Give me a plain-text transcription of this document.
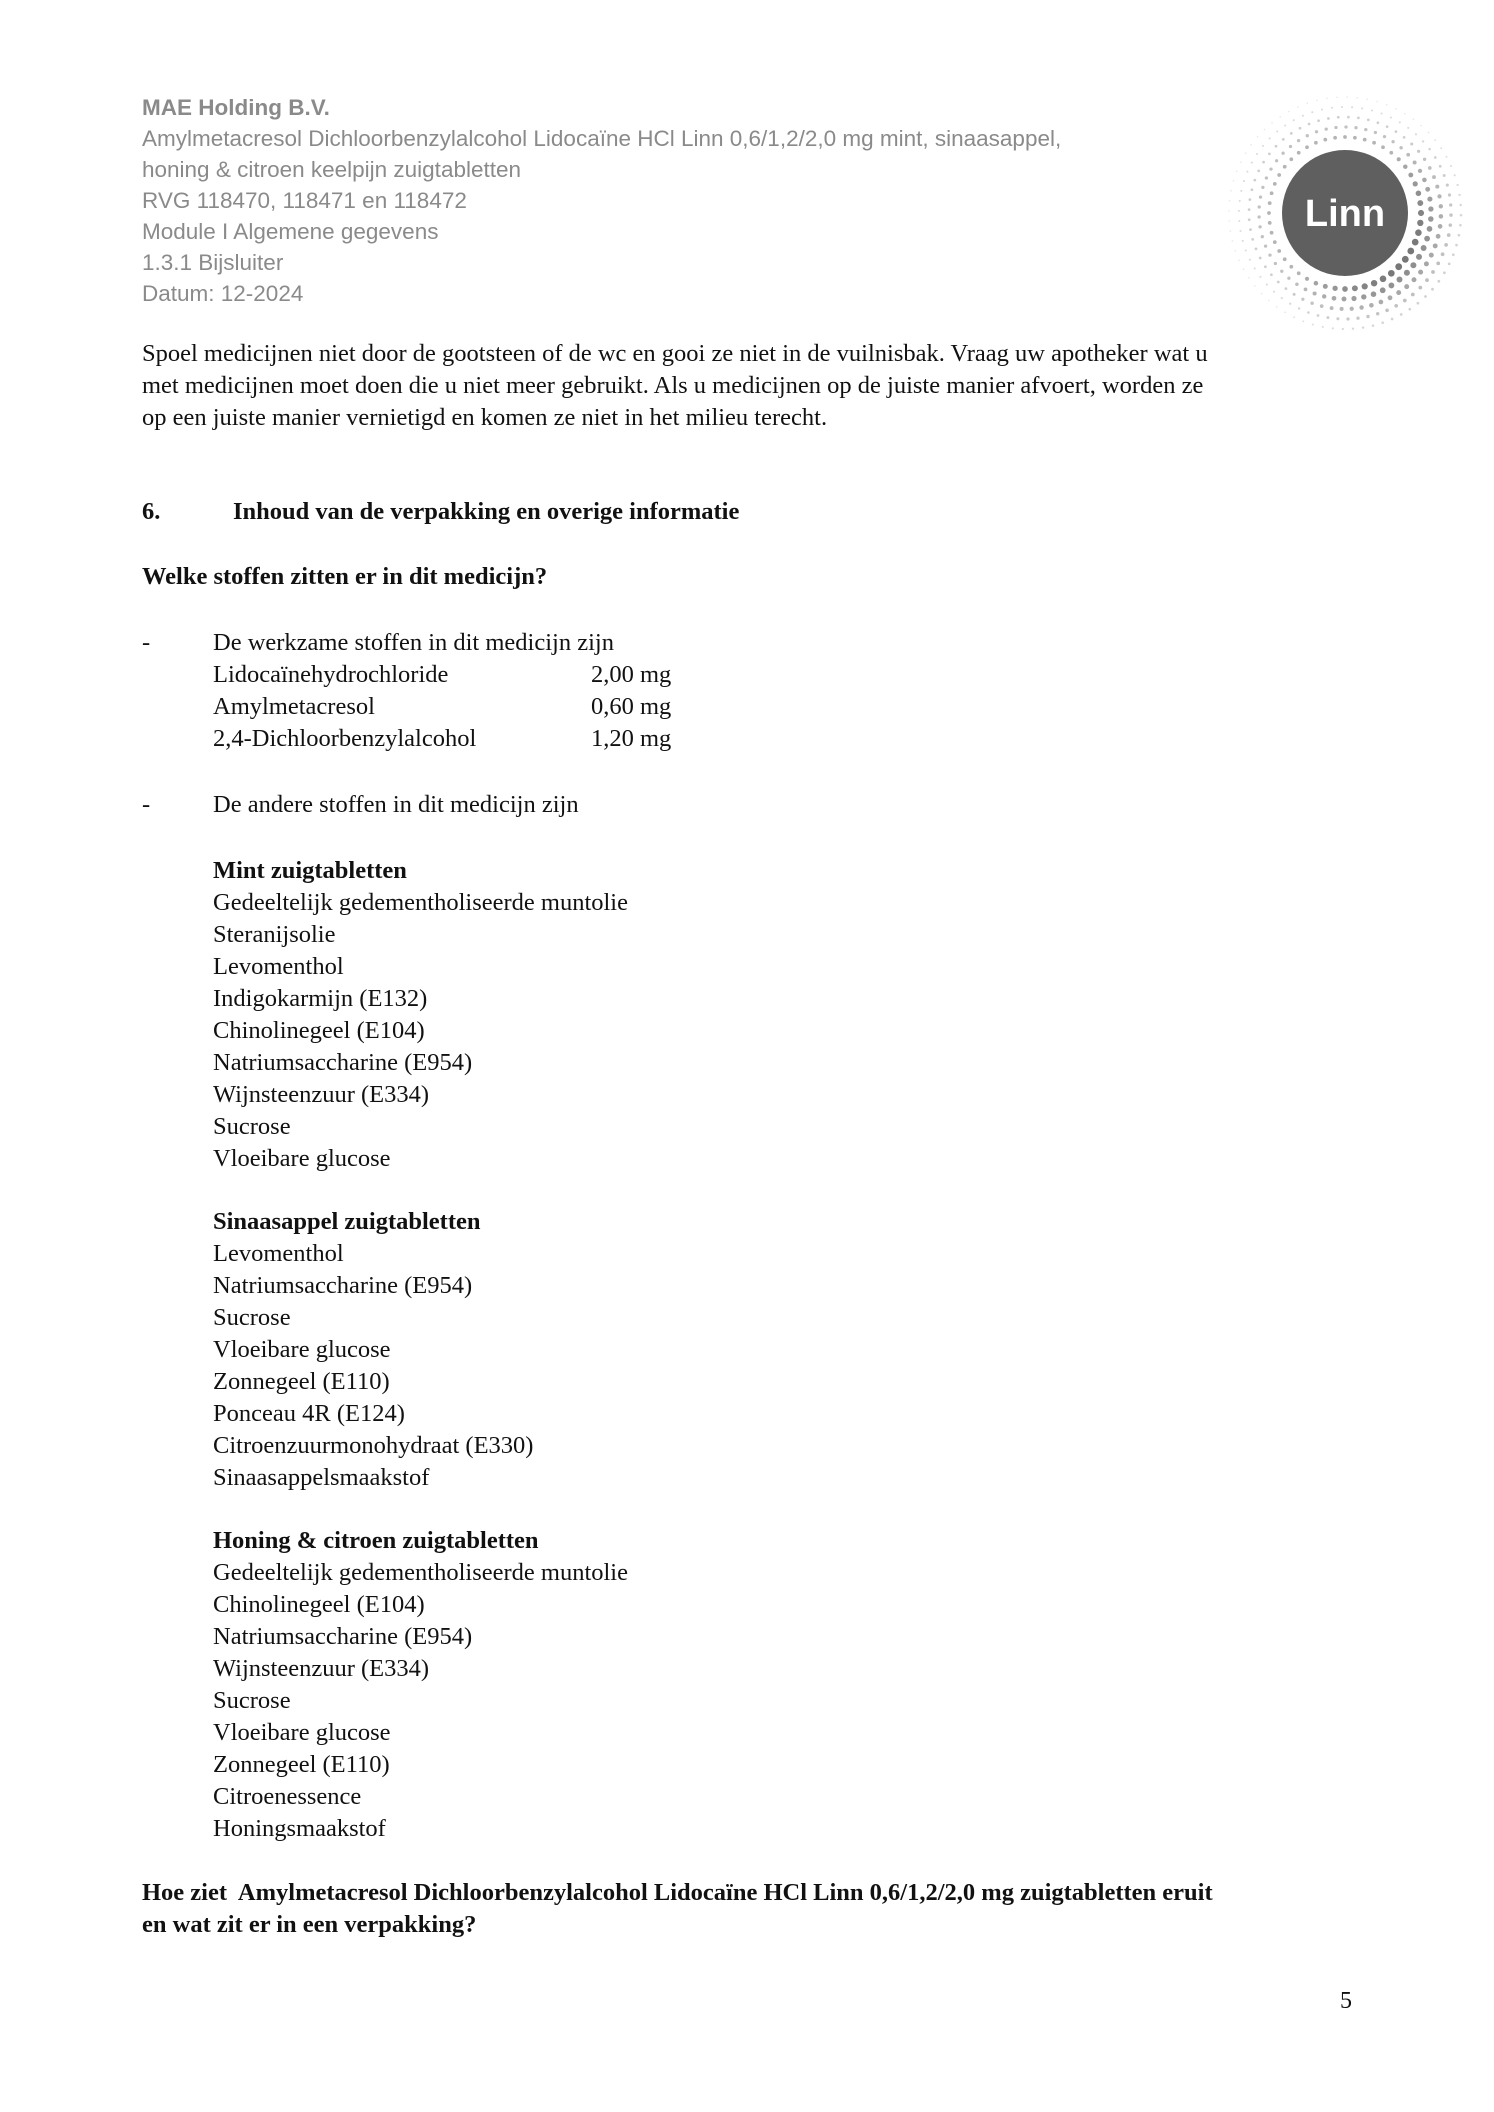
MAE Holding B.V.
Amylmetacresol Dichloorbenzylalcohol Lidocaïne HCl Linn 0,6/1,2/2,0 mg mint, sinaasappel,
honing & citroen keelpijn zuigtabletten
RVG 118470, 118471 en 118472
Module I Algemene gegevens
1.3.1 Bijsluiter
Datum: 12-2024
Linn
Spoel medicijnen niet door de gootsteen of de wc en gooi ze niet in de vuilnisbak. Vraag uw apotheker wat u
met medicijnen moet doen die u niet meer gebruikt. Als u medicijnen op de juiste manier afvoert, worden ze
op een juiste manier vernietigd en komen ze niet in het milieu terecht.
6.	Inhoud van de verpakking en overige informatie
Welke stoffen zitten er in dit medicijn?
-	De werkzame stoffen in dit medicijn zijn
Lidocaïnehydrochloride	2,00 mg
Amylmetacresol	0,60 mg
2,4-Dichloorbenzylalcohol	1,20 mg
-	De andere stoffen in dit medicijn zijn
Mint zuigtabletten
Gedeeltelijk gedementholiseerde muntolie
Steranijsolie
Levomenthol
Indigokarmijn (E132)
Chinolinegeel (E104)
Natriumsaccharine (E954)
Wijnsteenzuur (E334)
Sucrose
Vloeibare glucose
Sinaasappel zuigtabletten
Levomenthol
Natriumsaccharine (E954)
Sucrose
Vloeibare glucose
Zonnegeel (E110)
Ponceau 4R (E124)
Citroenzuurmonohydraat (E330)
Sinaasappelsmaakstof
Honing & citroen zuigtabletten
Gedeeltelijk gedementholiseerde muntolie
Chinolinegeel (E104)
Natriumsaccharine (E954)
Wijnsteenzuur (E334)
Sucrose
Vloeibare glucose
Zonnegeel (E110)
Citroenessence
Honingsmaakstof
Hoe ziet  Amylmetacresol Dichloorbenzylalcohol Lidocaïne HCl Linn 0,6/1,2/2,0 mg zuigtabletten eruit
en wat zit er in een verpakking?
5
